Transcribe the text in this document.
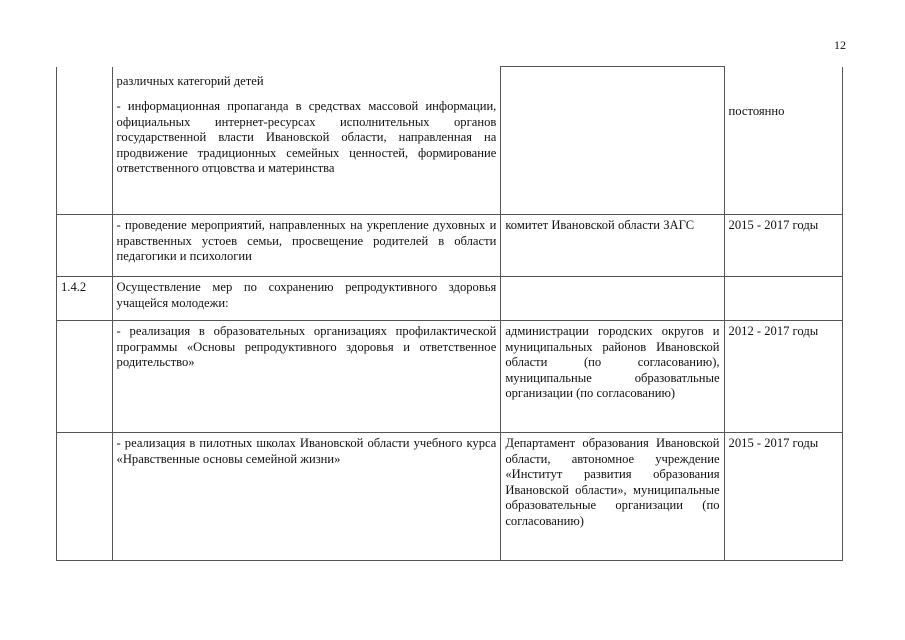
12

	различных категорий детей
- информационная пропаганда в средствах массовой информации, официальных интернет-ресурсах исполнительных органов государственной власти Ивановской области, направленная на продвижение традиционных семейных ценностей, формирование ответственного отцовства и материнства		постоянно
	- проведение мероприятий, направленных на укрепление духовных и нравственных устоев семьи, просвещение родителей в области педагогики и психологии	комитет Ивановской области ЗАГС	2015 - 2017 годы
1.4.2	Осуществление мер по сохранению репродуктивного здоровья учащейся молодежи:		
	- реализация в образовательных организациях профилактической программы «Основы репродуктивного здоровья и ответственное родительство»	администрации городских округов и муниципальных районов Ивановской области (по согласованию), муниципальные образоватльные организации (по согласованию)	2012 - 2017 годы
	- реализация в пилотных школах Ивановской области учебного курса «Нравственные основы семейной жизни»	Департамент образования Ивановской области, автономное учреждение «Институт развития образования Ивановской области», муниципальные образовательные организации (по согласованию)	2015 - 2017 годы
